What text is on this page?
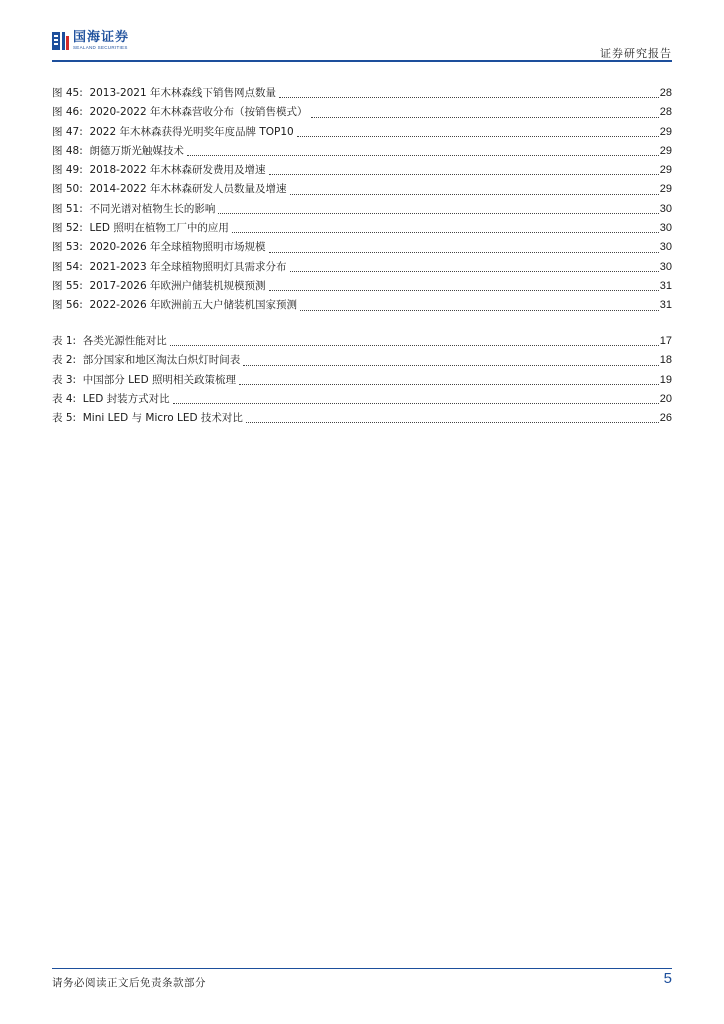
国海证券
SEALAND SECURITIES	证券研究报告
图 45: 2013-2021 年木林森线下销售网点数量	28
图 46: 2020-2022 年木林森营收分布（按销售模式）	28
图 47: 2022 年木林森获得光明奖年度品牌 TOP10	29
图 48: 朗德万斯光触媒技术	29
图 49: 2018-2022 年木林森研发费用及增速	29
图 50: 2014-2022 年木林森研发人员数量及增速	29
图 51: 不同光谱对植物生长的影响	30
图 52: LED 照明在植物工厂中的应用	30
图 53: 2020-2026 年全球植物照明市场规模	30
图 54: 2021-2023 年全球植物照明灯具需求分布	30
图 55: 2017-2026 年欧洲户储装机规模预测	31
图 56: 2022-2026 年欧洲前五大户储装机国家预测	31
表 1: 各类光源性能对比	17
表 2: 部分国家和地区淘汰白炽灯时间表	18
表 3: 中国部分 LED 照明相关政策梳理	19
表 4: LED 封装方式对比	20
表 5: Mini LED 与 Micro LED 技术对比	26
请务必阅读正文后免责条款部分	5
